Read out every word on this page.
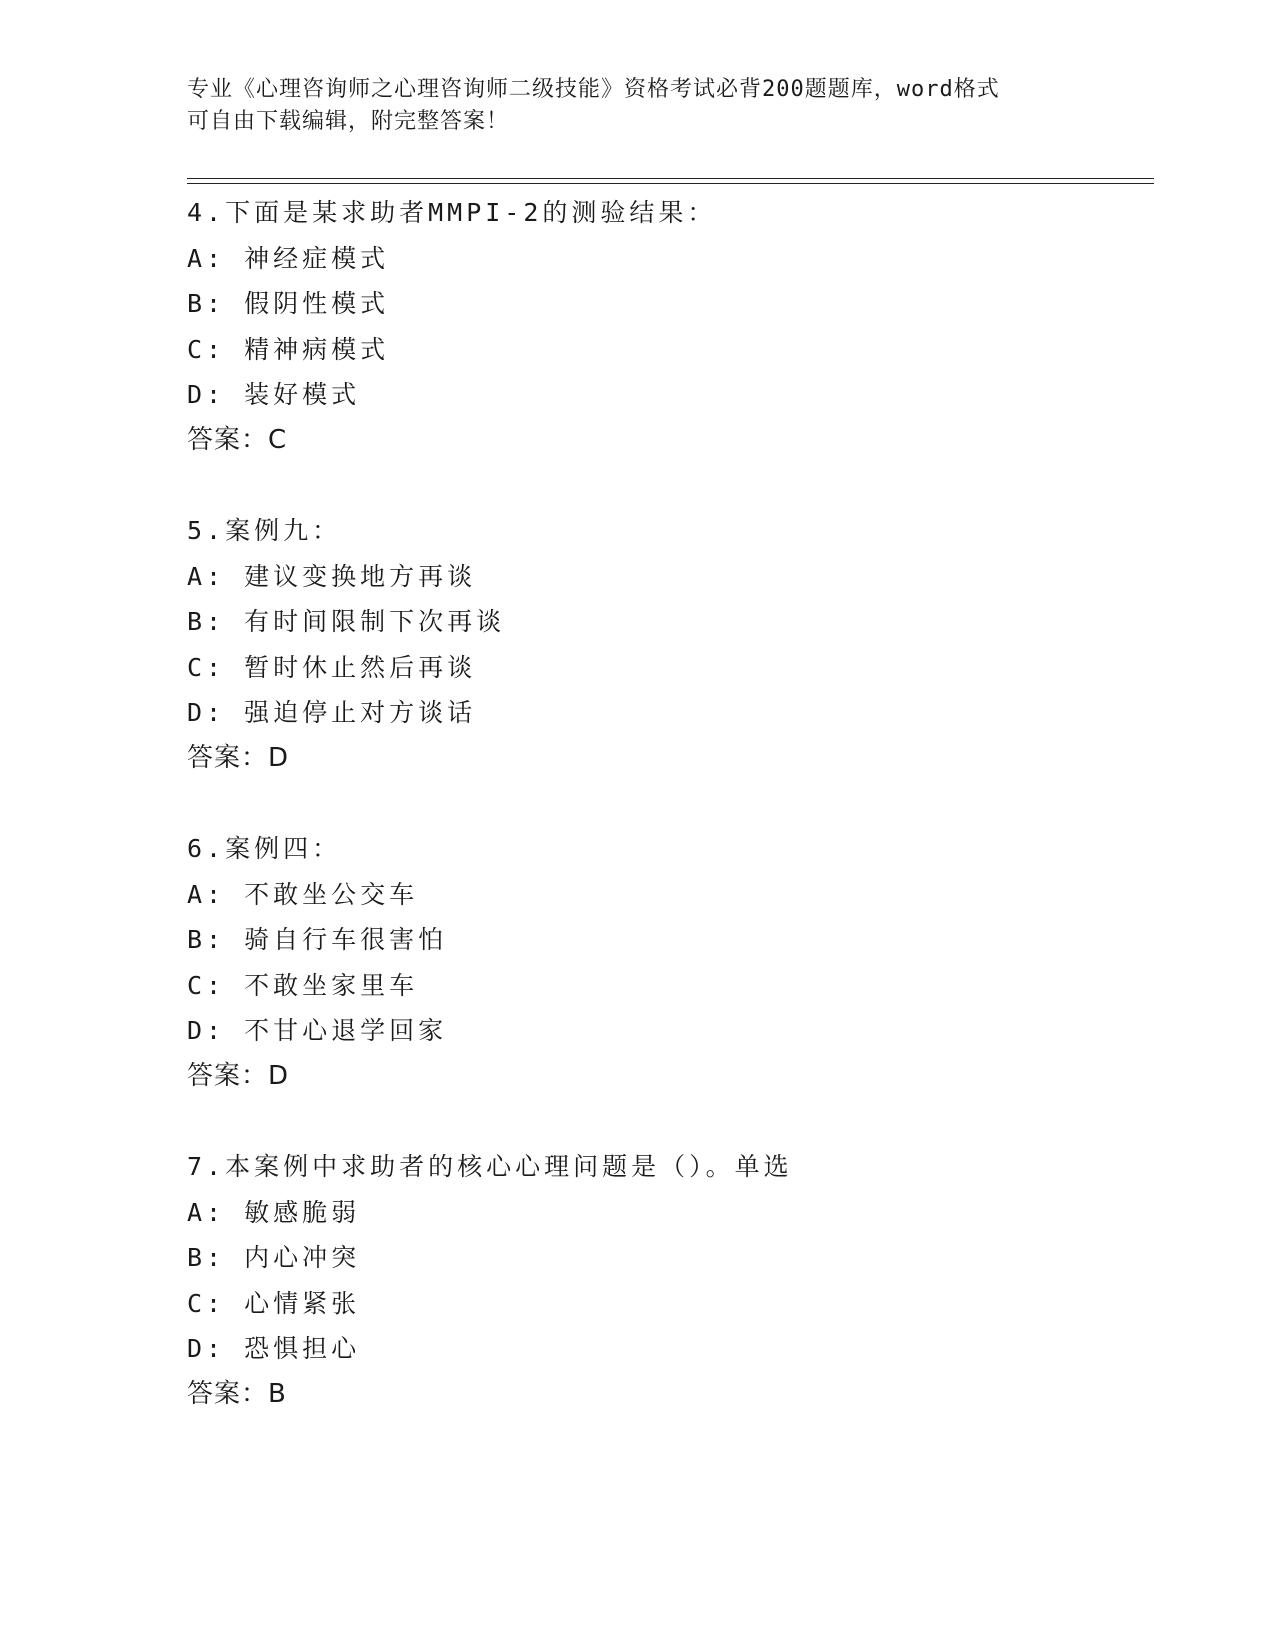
专业《心理咨询师之心理咨询师二级技能》资格考试必背200题题库，word格式
可自由下载编辑，附完整答案！
4.下面是某求助者MMPI-2的测验结果：
A: 神经症模式
B: 假阴性模式
C: 精神病模式
D: 装好模式
答案：C
5.案例九：
A: 建议变换地方再谈
B: 有时间限制下次再谈
C: 暂时休止然后再谈
D: 强迫停止对方谈话
答案：D
6.案例四：
A: 不敢坐公交车
B: 骑自行车很害怕
C: 不敢坐家里车
D: 不甘心退学回家
答案：D
7.本案例中求助者的核心心理问题是（）。单选
A: 敏感脆弱
B: 内心冲突
C: 心情紧张
D: 恐惧担心
答案：B
